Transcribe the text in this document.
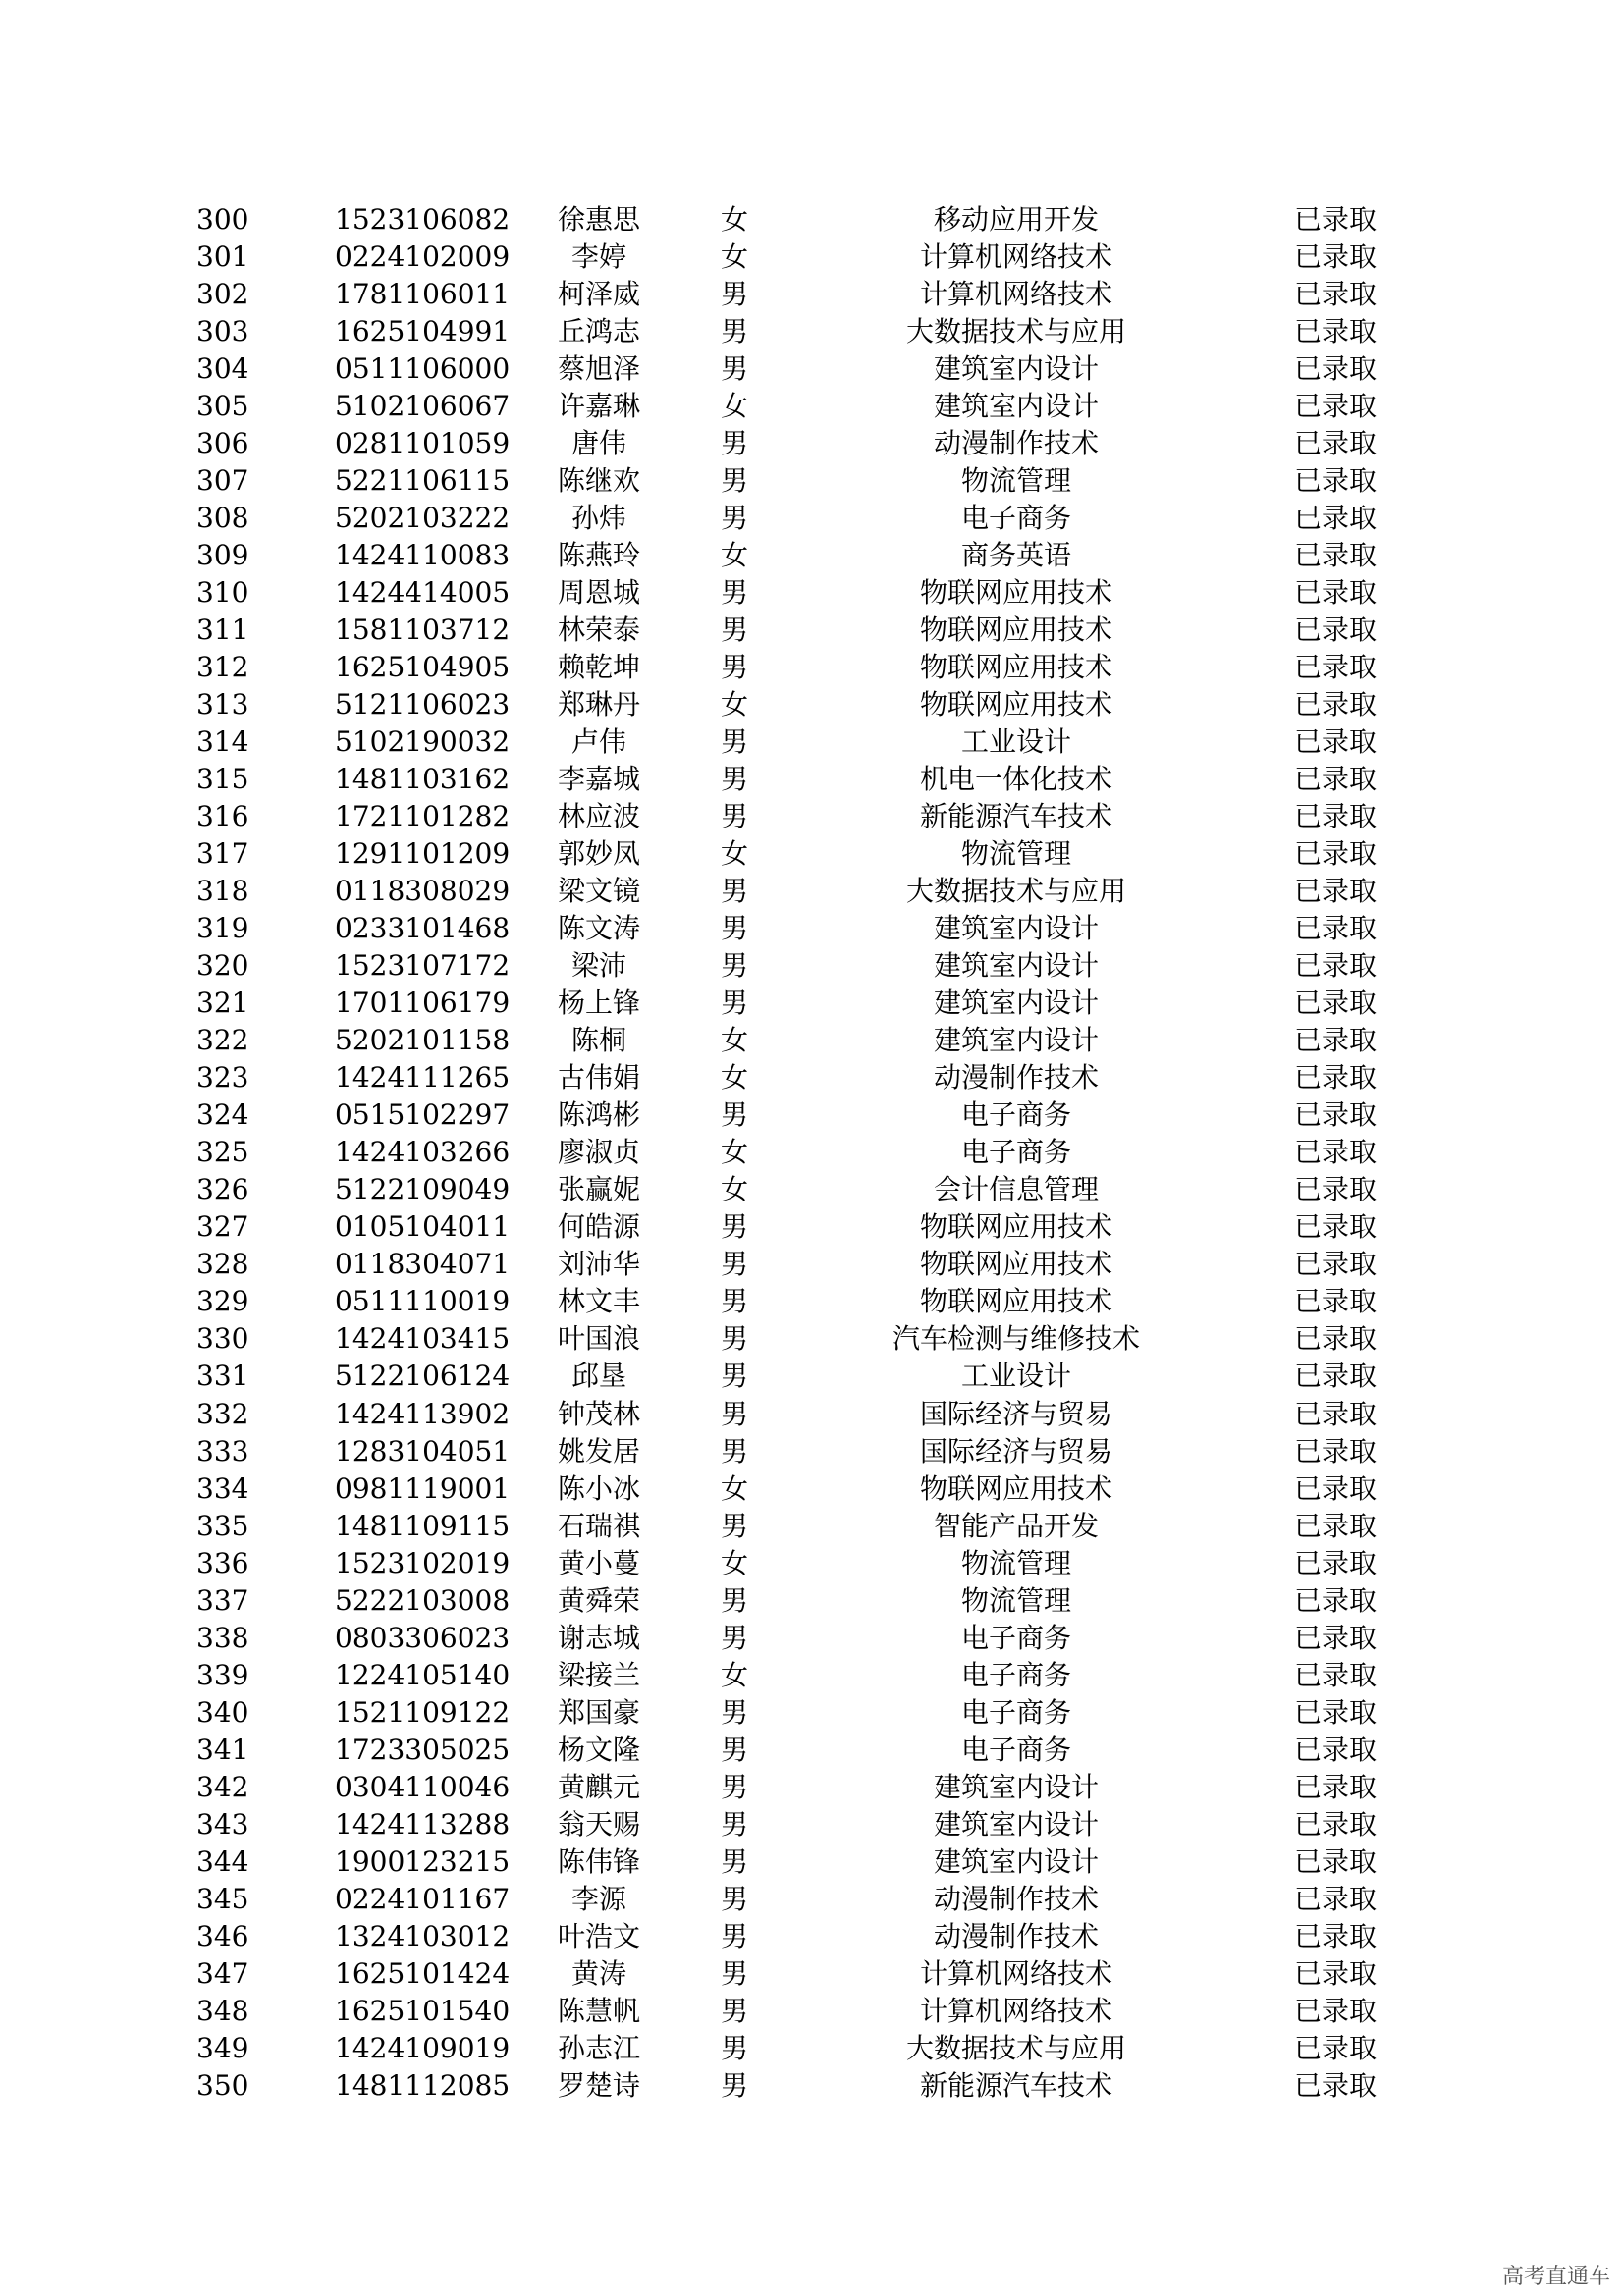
300	1523106082	徐惠思	女	移动应用开发	已录取
301	0224102009	李婷	女	计算机网络技术	已录取
302	1781106011	柯泽威	男	计算机网络技术	已录取
303	1625104991	丘鸿志	男	大数据技术与应用	已录取
304	0511106000	蔡旭泽	男	建筑室内设计	已录取
305	5102106067	许嘉琳	女	建筑室内设计	已录取
306	0281101059	唐伟	男	动漫制作技术	已录取
307	5221106115	陈继欢	男	物流管理	已录取
308	5202103222	孙炜	男	电子商务	已录取
309	1424110083	陈燕玲	女	商务英语	已录取
310	1424414005	周恩城	男	物联网应用技术	已录取
311	1581103712	林荣泰	男	物联网应用技术	已录取
312	1625104905	赖乾坤	男	物联网应用技术	已录取
313	5121106023	郑琳丹	女	物联网应用技术	已录取
314	5102190032	卢伟	男	工业设计	已录取
315	1481103162	李嘉城	男	机电一体化技术	已录取
316	1721101282	林应波	男	新能源汽车技术	已录取
317	1291101209	郭妙凤	女	物流管理	已录取
318	0118308029	梁文镜	男	大数据技术与应用	已录取
319	0233101468	陈文涛	男	建筑室内设计	已录取
320	1523107172	梁沛	男	建筑室内设计	已录取
321	1701106179	杨上锋	男	建筑室内设计	已录取
322	5202101158	陈桐	女	建筑室内设计	已录取
323	1424111265	古伟娟	女	动漫制作技术	已录取
324	0515102297	陈鸿彬	男	电子商务	已录取
325	1424103266	廖淑贞	女	电子商务	已录取
326	5122109049	张赢妮	女	会计信息管理	已录取
327	0105104011	何皓源	男	物联网应用技术	已录取
328	0118304071	刘沛华	男	物联网应用技术	已录取
329	0511110019	林文丰	男	物联网应用技术	已录取
330	1424103415	叶国浪	男	汽车检测与维修技术	已录取
331	5122106124	邱垦	男	工业设计	已录取
332	1424113902	钟茂林	男	国际经济与贸易	已录取
333	1283104051	姚发居	男	国际经济与贸易	已录取
334	0981119001	陈小冰	女	物联网应用技术	已录取
335	1481109115	石瑞祺	男	智能产品开发	已录取
336	1523102019	黄小蔓	女	物流管理	已录取
337	5222103008	黄舜荣	男	物流管理	已录取
338	0803306023	谢志城	男	电子商务	已录取
339	1224105140	梁接兰	女	电子商务	已录取
340	1521109122	郑国豪	男	电子商务	已录取
341	1723305025	杨文隆	男	电子商务	已录取
342	0304110046	黄麒元	男	建筑室内设计	已录取
343	1424113288	翁天赐	男	建筑室内设计	已录取
344	1900123215	陈伟锋	男	建筑室内设计	已录取
345	0224101167	李源	男	动漫制作技术	已录取
346	1324103012	叶浩文	男	动漫制作技术	已录取
347	1625101424	黄涛	男	计算机网络技术	已录取
348	1625101540	陈慧帆	男	计算机网络技术	已录取
349	1424109019	孙志江	男	大数据技术与应用	已录取
350	1481112085	罗楚诗	男	新能源汽车技术	已录取
高考直通车
